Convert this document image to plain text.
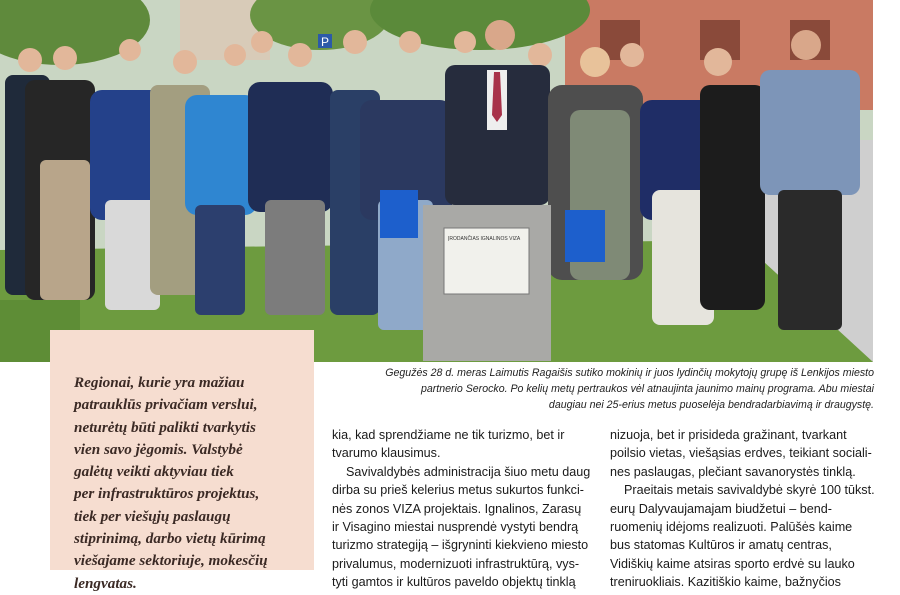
P
ĮRODANČIAS IGNALINOS VIZA
Gegužės 28 d. meras Laimutis Ragaišis sutiko mokinių ir juos lydinčių mokytojų grupę iš Lenkijos miesto
partnerio Serocko. Po kelių metų pertraukos vėl atnaujinta jaunimo mainų programa. Abu miestai
daugiau nei 25-erius metus puoselėja bendradarbiavimą ir draugystę.
Regionai, kurie yra mažiau
patrauklūs privačiam verslui,
neturėtų būti palikti tvarkytis
vien savo jėgomis. Valstybė
galėtų veikti aktyviau tiek
per infrastruktūros projektus,
tiek per viešųjų paslaugų
stiprinimą, darbo vietų kūrimą
viešajame sektoriuje, mokesčių
lengvatas.
kia, kad sprendžiame ne tik turizmo, bet ir
tvarumo klausimus.
Savivaldybės administracija šiuo metu daug
dirba su prieš kelerius metus sukurtos funkci-
nės zonos VIZA projektais. Ignalinos, Zarasų
ir Visagino miestai nusprendė vystyti bendrą
turizmo strategiją – išgryninti kiekvieno miesto
privalumus, modernizuoti infrastruktūrą, vys-
tyti gamtos ir kultūros paveldo objektų tinklą
nizuoja, bet ir prisideda gražinant, tvarkant
poilsio vietas, viešąsias erdves, teikiant sociali-
nes paslaugas, plečiant savanorystės tinklą.
Praeitais metais savivaldybė skyrė 100 tūkst.
eurų Dalyvaujamajam biudžetui – bend-
ruomenių idėjoms realizuoti. Palūšės kaime
bus statomas Kultūros ir amatų centras,
Vidiškių kaime atsiras sporto erdvė su lauko
treniruokliais. Kazitiškio kaime, bažnyčios
